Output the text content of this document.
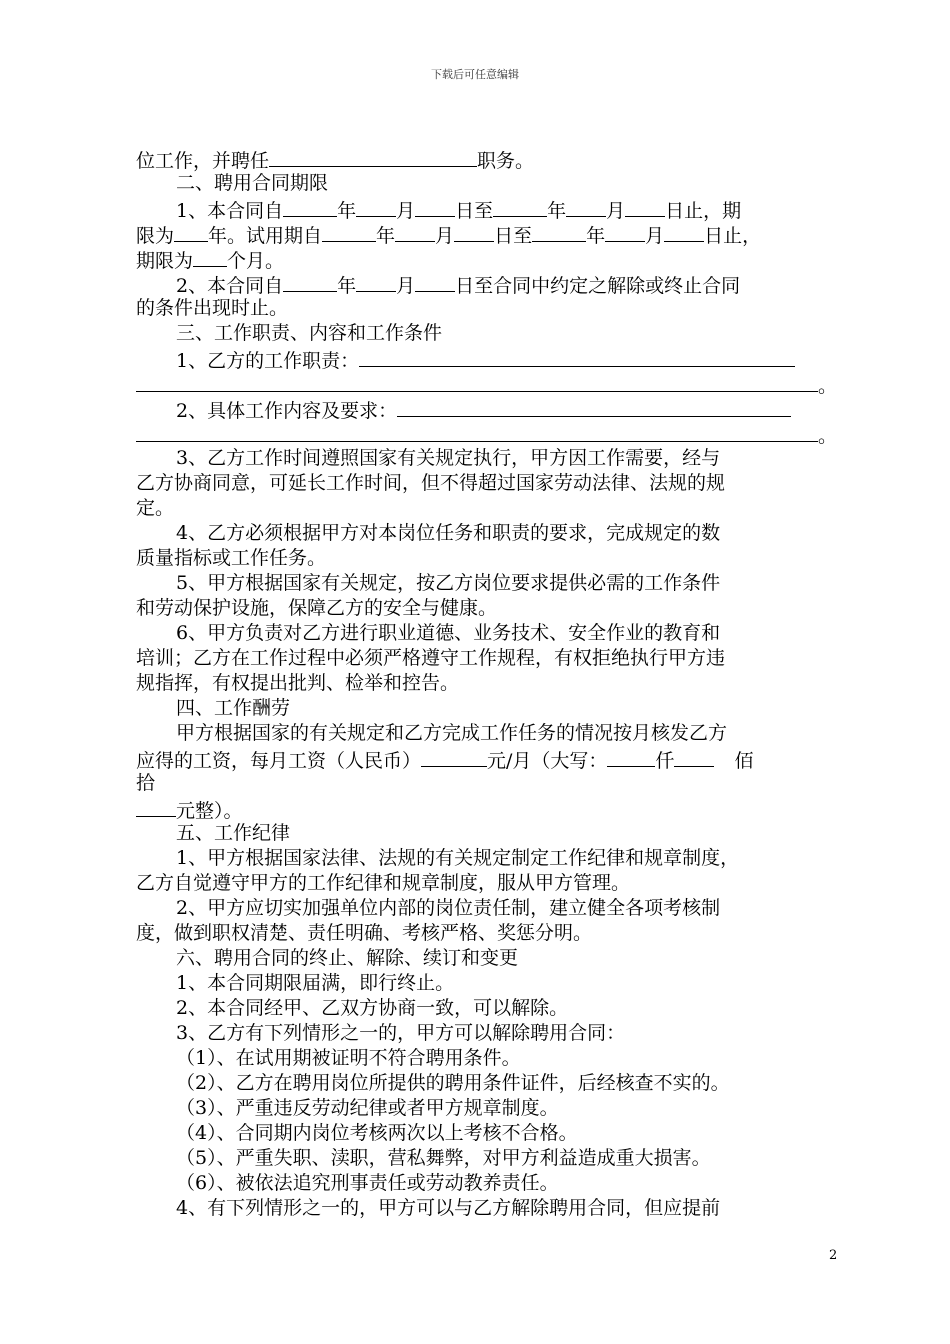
下载后可任意编辑
位工作，并聘任	职务。
二、聘用合同期限
1、本合同自	年 月 日至	年 月 日止，期
限为 年。试用期自	年 月 日至	年 月 日止，
期限为 个月。
2、本合同自	年 月 日至合同中约定之解除或终止合同
的条件出现时止。
三、工作职责、内容和工作条件
1、乙方的工作职责：
。
2、具体工作内容及要求：
。
3、乙方工作时间遵照国家有关规定执行，甲方因工作需要，经与
乙方协商同意，可延长工作时间，但不得超过国家劳动法律、法规的规
定。
4、乙方必须根据甲方对本岗位任务和职责的要求，完成规定的数
质量指标或工作任务。
5、甲方根据国家有关规定，按乙方岗位要求提供必需的工作条件
和劳动保护设施，保障乙方的安全与健康。
6、甲方负责对乙方进行职业道德、业务技术、安全作业的教育和
培训；乙方在工作过程中必须严格遵守工作规程，有权拒绝执行甲方违
规指挥，有权提出批判、检举和控告。
四、工作酬劳
甲方根据国家的有关规定和乙方完成工作任务的情况按月核发乙方
应得的工资，每月工资（人民币）	元/月（大写：	仟	佰
拾
元整）。
五、工作纪律
1、甲方根据国家法律、法规的有关规定制定工作纪律和规章制度，
乙方自觉遵守甲方的工作纪律和规章制度，服从甲方管理。
2、甲方应切实加强单位内部的岗位责任制，建立健全各项考核制
度，做到职权清楚、责任明确、考核严格、奖惩分明。
六、聘用合同的终止、解除、续订和变更
1、本合同期限届满，即行终止。
2、本合同经甲、乙双方协商一致，可以解除。
3、乙方有下列情形之一的，甲方可以解除聘用合同：
（1）、在试用期被证明不符合聘用条件。
（2）、乙方在聘用岗位所提供的聘用条件证件，后经核查不实的。
（3）、严重违反劳动纪律或者甲方规章制度。
（4）、合同期内岗位考核两次以上考核不合格。
（5）、严重失职、渎职，营私舞弊，对甲方利益造成重大损害。
（6）、被依法追究刑事责任或劳动教养责任。
4、有下列情形之一的，甲方可以与乙方解除聘用合同，但应提前
2
